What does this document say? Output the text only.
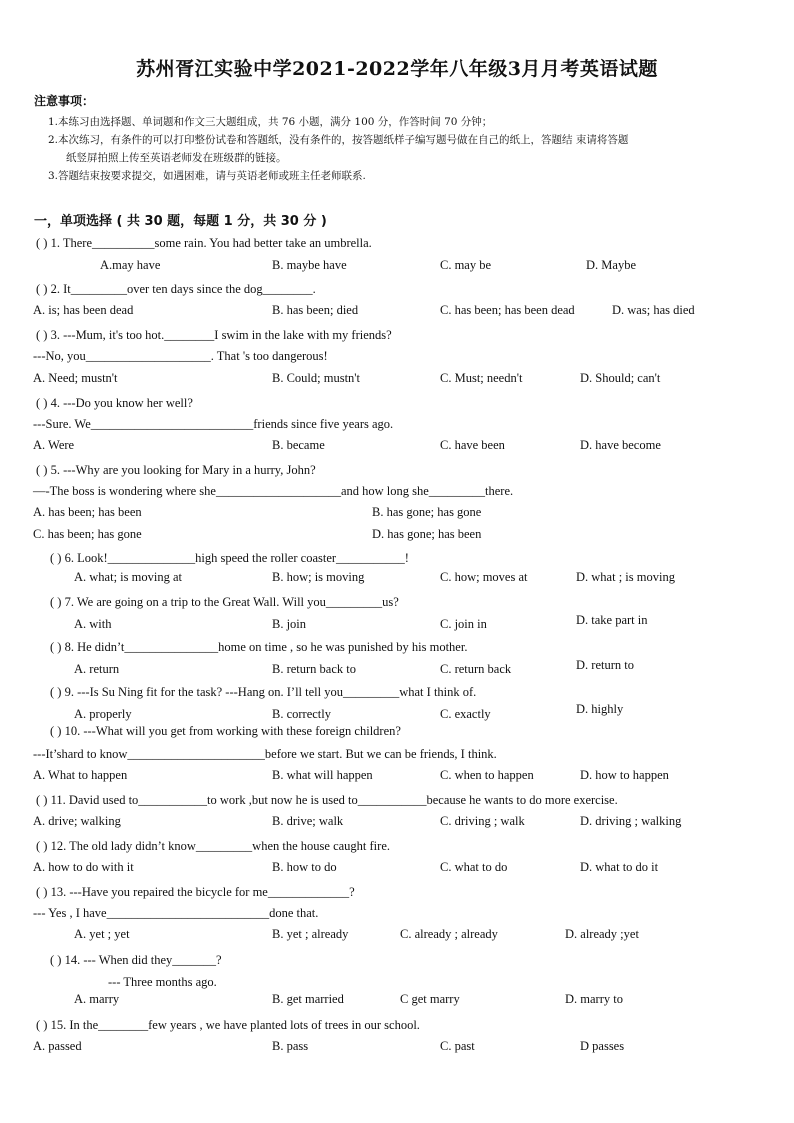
苏州胥江实验中学2021-2022学年八年级3月月考英语试题
注意事项：
1.本练习由选择题、单词题和作文三大题组成，共 76 小题，满分 100 分，作答时间 70 分钟；
2.本次练习，有条件的可以打印整份试卷和答题纸，没有条件的，按答题纸样子编写题号做在自己的纸上，答题结 束请将答题
纸竖屏拍照上传至英语老师发在班级群的链接。
3.答题结束按要求提交，如遇困难，请与英语老师或班主任老师联系.
一，单项选择 ( 共 30 题，每题 1 分，共 30 分 )
( ) 1. There__________some rain. You had better take an umbrella.
A.may have	B. maybe have	C. may be	D. Maybe
( ) 2. It_________over ten days since the dog________.
A. is; has been dead	B. has been; died	C. has been; has been dead	D. was; has died
( ) 3. ---Mum, it's too hot.________I swim in the lake with my friends?
---No, you____________________. That 's too dangerous!
A. Need; mustn't	B. Could; mustn't	C. Must; needn't	D. Should; can't
( ) 4. ---Do you know her well?
---Sure. We__________________________friends since five years ago.
A. Were	B. became	C. have been	D. have become
( ) 5. ---Why are you looking for Mary in a hurry, John?
—-The boss is wondering where she____________________and how long she_________there.
A. has been; has been	B. has gone; has gone
C. has been; has gone	D. has gone; has been
( ) 6. Look!______________high speed the roller coaster___________!
A. what; is moving at	B. how; is moving	C. how; moves at	D. what ; is moving
( ) 7. We are going on a trip to the Great Wall. Will you_________us?
A. with	B. join	C. join in	D. take part in
( ) 8. He didn’t_______________home on time , so he was punished by his mother.
A. return	B. return back to	C. return back	D. return to
( ) 9. ---Is Su Ning fit for the task? ---Hang on. I’ll tell you_________what I think of.
A. properly	B. correctly	C. exactly	D. highly
( ) 10. ---What will you get from working with these foreign children?
---It’shard to know______________________before we start. But we can be friends, I think.
A. What to happen	B. what will happen	C. when to happen	D. how to happen
( ) 11. David used to___________to work ,but now he is used to___________because he wants to do more exercise.
A. drive; walking	B. drive; walk	C. driving ; walk	D. driving ; walking
( ) 12. The old lady didn’t know_________when the house caught fire.
A. how to do with it	B. how to do	C. what to do	D. what to do it
( ) 13. ---Have you repaired the bicycle for me_____________?
--- Yes , I have__________________________done that.
A. yet ; yet	B. yet ; already	C. already ; already	D. already ;yet
( ) 14. --- When did they_______?
--- Three months ago.
A. marry	B. get married	C get marry	D. marry to
( ) 15. In the________few years , we have planted lots of trees in our school.
A. passed	B. pass	C. past	D passes
